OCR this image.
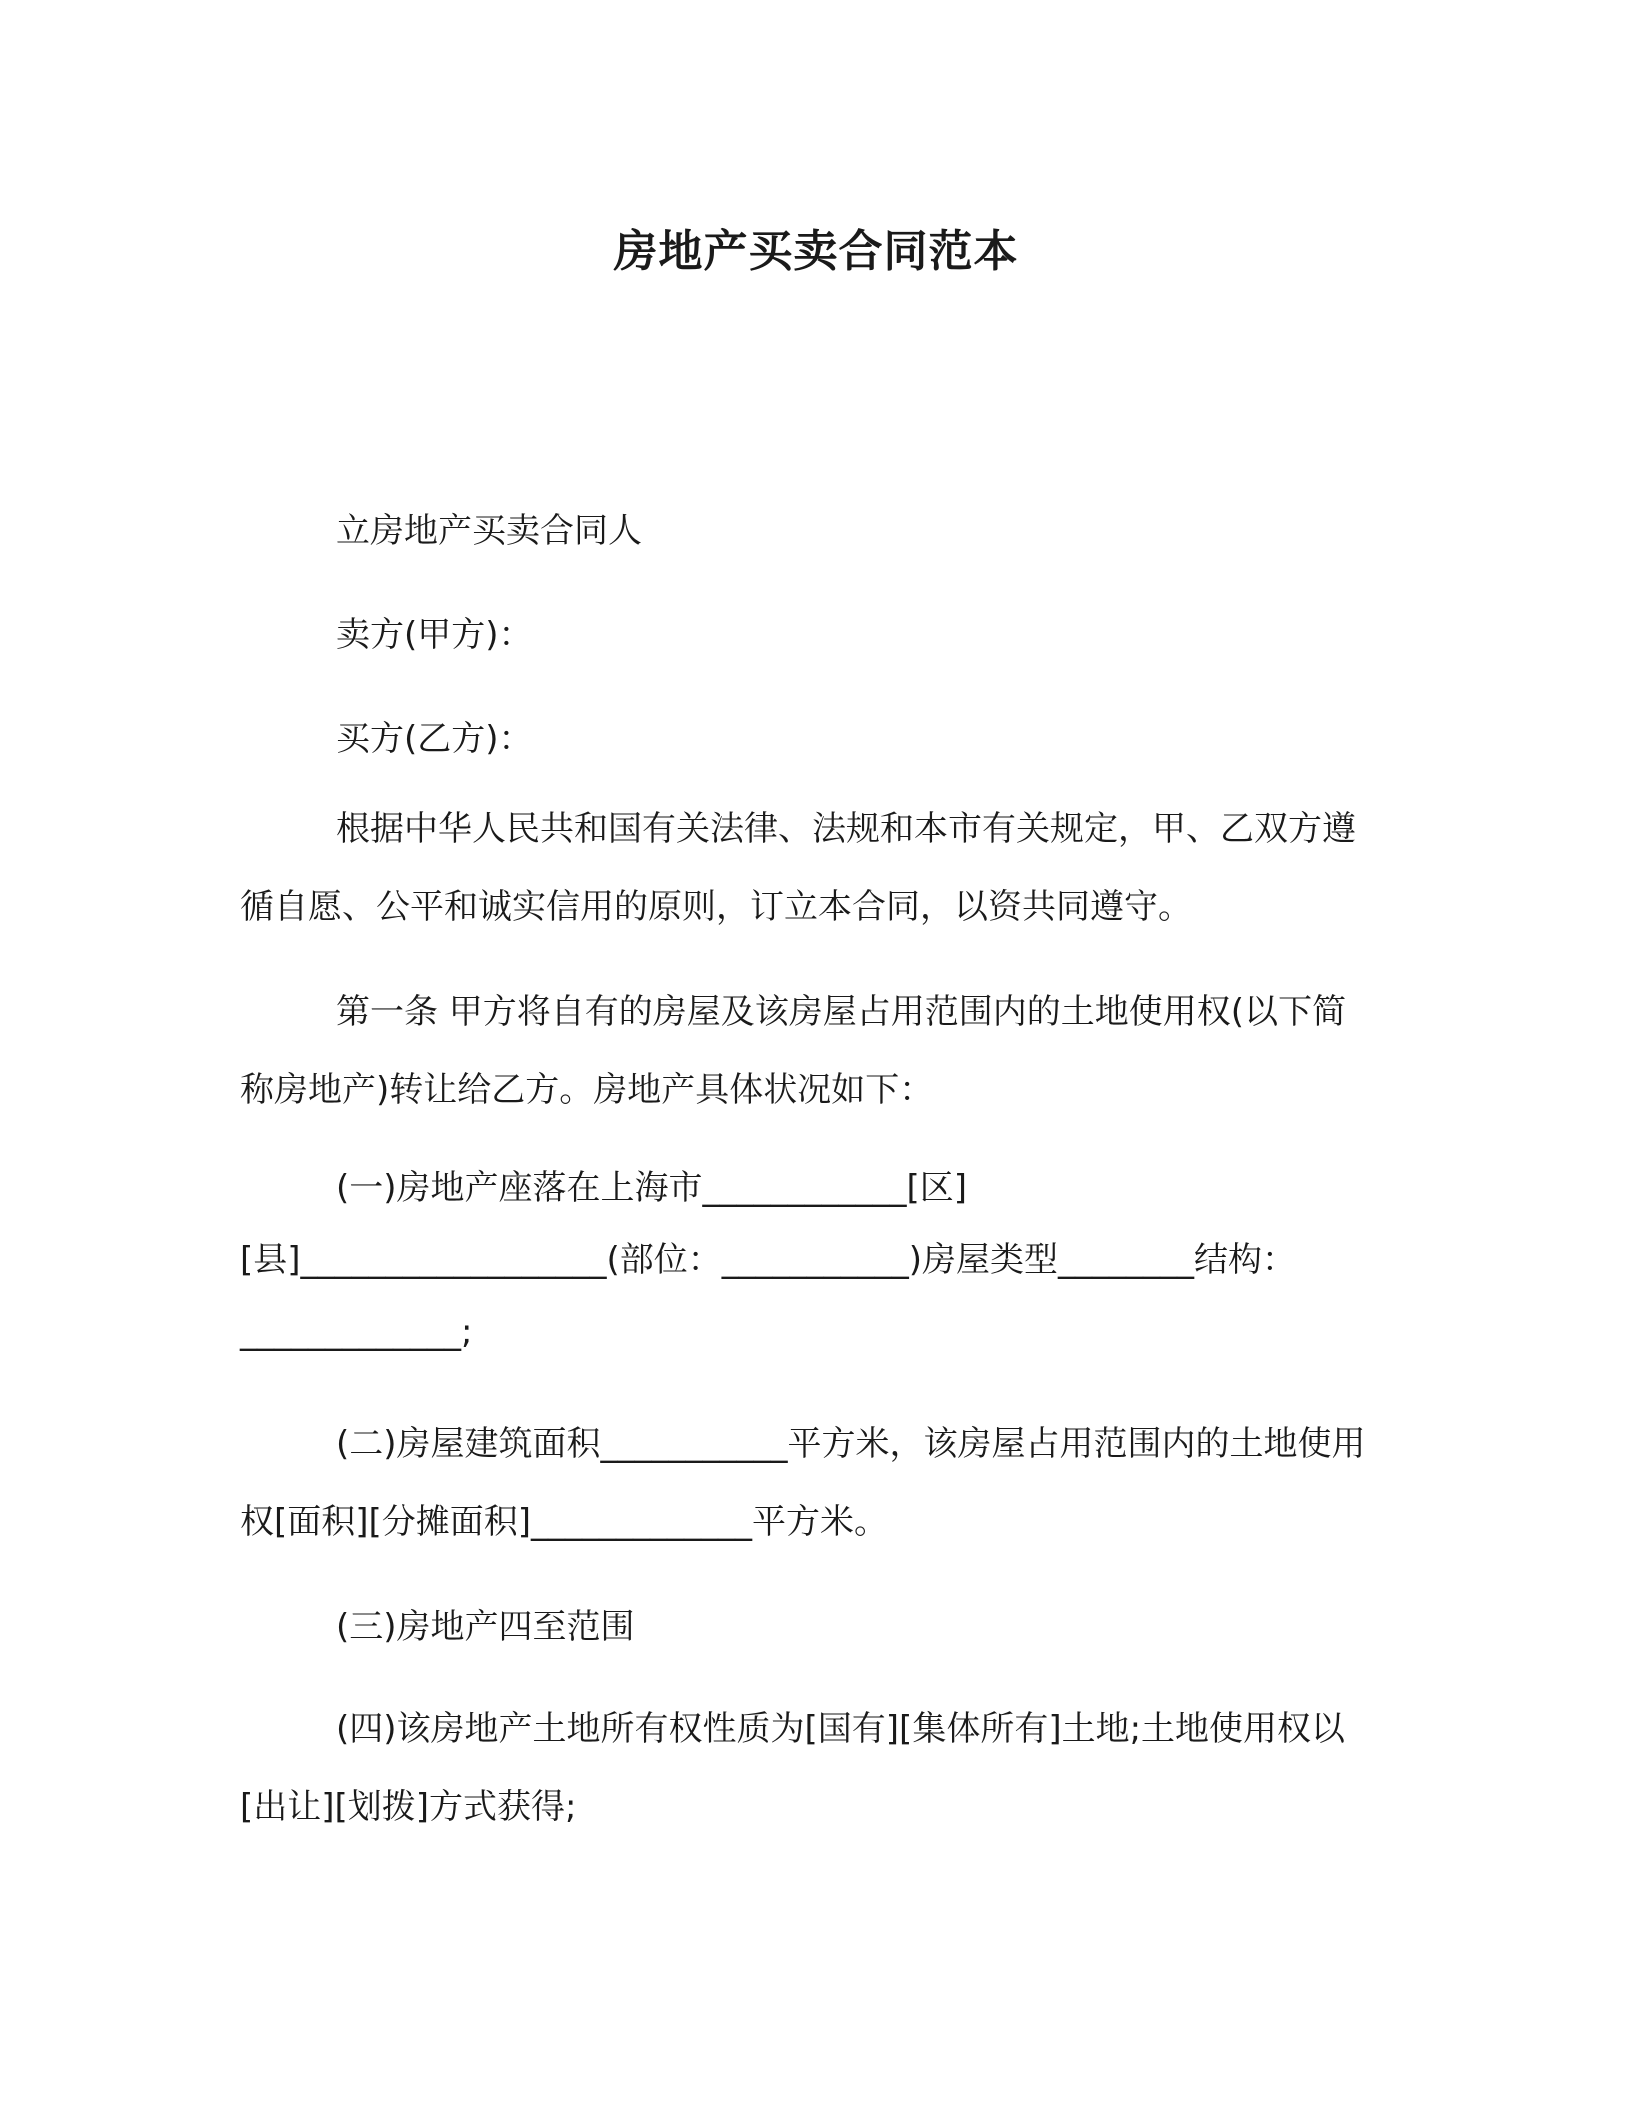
房地产买卖合同范本

立房地产买卖合同人

卖方(甲方)：

买方(乙方)：

根据中华人民共和国有关法律、法规和本市有关规定，甲、乙双方遵循自愿、公平和诚实信用的原则，订立本合同，以资共同遵守。

第一条 甲方将自有的房屋及该房屋占用范围内的土地使用权(以下简称房地产)转让给乙方。房地产具体状况如下：

(一)房地产座落在上海市____________[区][县]__________________(部位：___________)房屋类型________结构：_____________;

(二)房屋建筑面积___________平方米，该房屋占用范围内的土地使用权[面积][分摊面积]_____________平方米。

(三)房地产四至范围

(四)该房地产土地所有权性质为[国有][集体所有]土地;土地使用权以[出让][划拨]方式获得;
